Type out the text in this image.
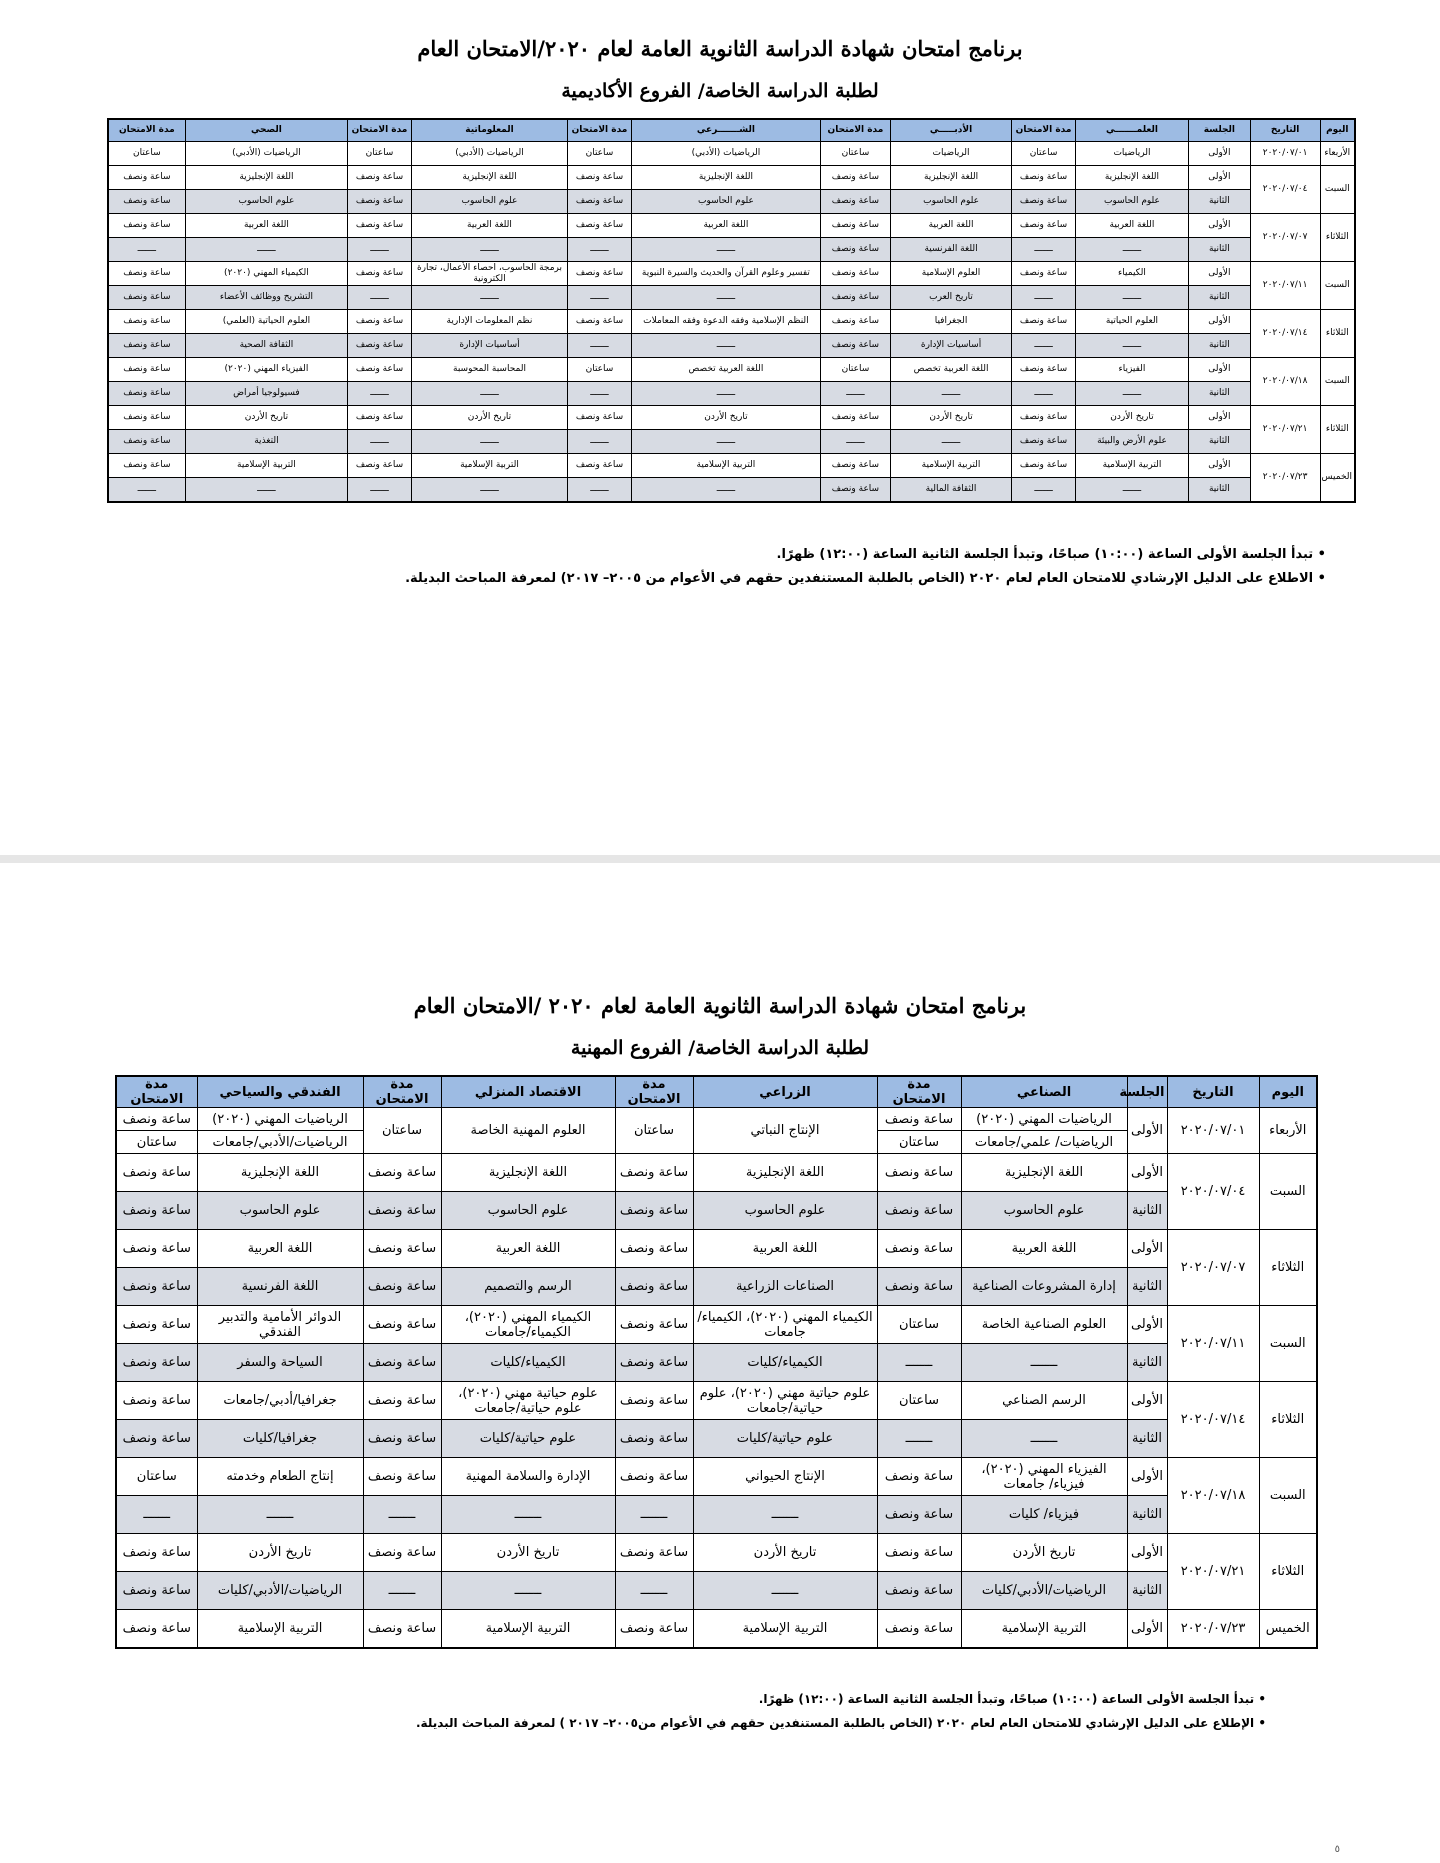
برنامج امتحان شهادة الدراسة الثانوية العامة لعام ٢٠٢٠/الامتحان العام
لطلبة الدراسة الخاصة/ الفروع الأكاديمية
اليوم	التاريخ	الجلسة	العلمـــــــي	مدة الامتحان	الأدبـــــي	مدة الامتحان	الشـــــــرعي	مدة الامتحان	المعلوماتية	مدة الامتحان	الصحي	مدة الامتحان
الأربعاء	٢٠٢٠/٠٧/٠١	الأولى	الرياضيات	ساعتان	الرياضيات	ساعتان	الرياضيات (الأدبي)	ساعتان	الرياضيات (الأدبي)	ساعتان	الرياضيات (الأدبي)	ساعتان
السبت	٢٠٢٠/٠٧/٠٤	الأولى	اللغة الإنجليزية	ساعة ونصف	اللغة الإنجليزية	ساعة ونصف	اللغة الإنجليزية	ساعة ونصف	اللغة الإنجليزية	ساعة ونصف	اللغة الإنجليزية	ساعة ونصف
		الثانية	علوم الحاسوب	ساعة ونصف	علوم الحاسوب	ساعة ونصف	علوم الحاسوب	ساعة ونصف	علوم الحاسوب	ساعة ونصف	علوم الحاسوب	ساعة ونصف
الثلاثاء	٢٠٢٠/٠٧/٠٧	الأولى	اللغة العربية	ساعة ونصف	اللغة العربية	ساعة ونصف	اللغة العربية	ساعة ونصف	اللغة العربية	ساعة ونصف	اللغة العربية	ساعة ونصف
		الثانية	ـــــــ	ـــــــ	اللغة الفرنسية	ساعة ونصف	ـــــــ	ـــــــ	ـــــــ	ـــــــ	ـــــــ	ـــــــ
السبت	٢٠٢٠/٠٧/١١	الأولى	الكيمياء	ساعة ونصف	العلوم الإسلامية	ساعة ونصف	تفسير وعلوم القرآن والحديث والسيرة النبوية	ساعة ونصف	برمجة الحاسوب، احصاء الأعمال، تجارة الكترونية	ساعة ونصف	الكيمياء المهني (٢٠٢٠)	ساعة ونصف
		الثانية	ـــــــ	ـــــــ	تاريخ العرب	ساعة ونصف	ـــــــ	ـــــــ	ـــــــ	ـــــــ	التشريح ووظائف الأعضاء	ساعة ونصف
الثلاثاء	٢٠٢٠/٠٧/١٤	الأولى	العلوم الحياتية	ساعة ونصف	الجغرافيا	ساعة ونصف	النظم الإسلامية وفقه الدعوة وفقه المعاملات	ساعة ونصف	نظم المعلومات الإدارية	ساعة ونصف	العلوم الحياتية (العلمي)	ساعة ونصف
		الثانية	ـــــــ	ـــــــ	أساسيات الإدارة	ساعة ونصف	ـــــــ	ـــــــ	أساسيات الإدارة	ساعة ونصف	الثقافة الصحية	ساعة ونصف
السبت	٢٠٢٠/٠٧/١٨	الأولى	الفيزياء	ساعة ونصف	اللغة العربية تخصص	ساعتان	اللغة العربية تخصص	ساعتان	المحاسبة المحوسبة	ساعة ونصف	الفيزياء المهني (٢٠٢٠)	ساعة ونصف
		الثانية	ـــــــ	ـــــــ	ـــــــ	ـــــــ	ـــــــ	ـــــــ	ـــــــ	ـــــــ	فسيولوجيا أمراض	ساعة ونصف
الثلاثاء	٢٠٢٠/٠٧/٢١	الأولى	تاريخ الأردن	ساعة ونصف	تاريخ الأردن	ساعة ونصف	تاريخ الأردن	ساعة ونصف	تاريخ الأردن	ساعة ونصف	تاريخ الأردن	ساعة ونصف
		الثانية	علوم الأرض والبيئة	ساعة ونصف	ـــــــ	ـــــــ	ـــــــ	ـــــــ	ـــــــ	ـــــــ	التغذية	ساعة ونصف
الخميس	٢٠٢٠/٠٧/٢٣	الأولى	التربية الإسلامية	ساعة ونصف	التربية الإسلامية	ساعة ونصف	التربية الإسلامية	ساعة ونصف	التربية الإسلامية	ساعة ونصف	التربية الإسلامية	ساعة ونصف
		الثانية	ـــــــ	ـــــــ	الثقافة المالية	ساعة ونصف	ـــــــ	ـــــــ	ـــــــ	ـــــــ	ـــــــ	ـــــــ
• تبدأ الجلسة الأولى الساعة (١٠:٠٠) صباحًا، وتبدأ الجلسة الثانية الساعة (١٢:٠٠) ظهرًا.
• الاطلاع على الدليل الإرشادي للامتحان العام لعام ٢٠٢٠ (الخاص بالطلبة المستنفدين حقهم في الأعوام من ٢٠٠٥– ٢٠١٧) لمعرفة المباحث البديلة.
برنامج امتحان شهادة الدراسة الثانوية العامة لعام ٢٠٢٠ /الامتحان العام
لطلبة الدراسة الخاصة/ الفروع المهنية
اليوم	التاريخ	الجلسة	الصناعي	مدة الامتحان	الزراعي	مدة الامتحان	الاقتصاد المنزلي	مدة الامتحان	الفندقي والسياحي	مدة الامتحان
الأربعاء	٢٠٢٠/٠٧/٠١	الأولى	الرياضيات المهني (٢٠٢٠)	ساعة ونصف	الإنتاج النباتي	ساعتان	العلوم المهنية الخاصة	ساعتان	الرياضيات المهني (٢٠٢٠)	ساعة ونصف
			الرياضيات/ علمي/جامعات	ساعتان					الرياضيات/الأدبي/جامعات	ساعتان
السبت	٢٠٢٠/٠٧/٠٤	الأولى	اللغة الإنجليزية	ساعة ونصف	اللغة الإنجليزية	ساعة ونصف	اللغة الإنجليزية	ساعة ونصف	اللغة الإنجليزية	ساعة ونصف
		الثانية	علوم الحاسوب	ساعة ونصف	علوم الحاسوب	ساعة ونصف	علوم الحاسوب	ساعة ونصف	علوم الحاسوب	ساعة ونصف
الثلاثاء	٢٠٢٠/٠٧/٠٧	الأولى	اللغة العربية	ساعة ونصف	اللغة العربية	ساعة ونصف	اللغة العربية	ساعة ونصف	اللغة العربية	ساعة ونصف
		الثانية	إدارة المشروعات الصناعية	ساعة ونصف	الصناعات الزراعية	ساعة ونصف	الرسم والتصميم	ساعة ونصف	اللغة الفرنسية	ساعة ونصف
السبت	٢٠٢٠/٠٧/١١	الأولى	العلوم الصناعية الخاصة	ساعتان	الكيمياء المهني (٢٠٢٠)، الكيمياء/جامعات	ساعة ونصف	الكيمياء المهني (٢٠٢٠)، الكيمياء/جامعات	ساعة ونصف	الدوائر الأمامية والتدبير الفندقي	ساعة ونصف
		الثانية	ـــــــ	ـــــــ	الكيمياء/كليات	ساعة ونصف	الكيمياء/كليات	ساعة ونصف	السياحة والسفر	ساعة ونصف
الثلاثاء	٢٠٢٠/٠٧/١٤	الأولى	الرسم الصناعي	ساعتان	علوم حياتية مهني (٢٠٢٠)، علوم حياتية/جامعات	ساعة ونصف	علوم حياتية مهني (٢٠٢٠)، علوم حياتية/جامعات	ساعة ونصف	جغرافيا/أدبي/جامعات	ساعة ونصف
		الثانية	ـــــــ	ـــــــ	علوم حياتية/كليات	ساعة ونصف	علوم حياتية/كليات	ساعة ونصف	جغرافيا/كليات	ساعة ونصف
السبت	٢٠٢٠/٠٧/١٨	الأولى	الفيزياء المهني (٢٠٢٠)، فيزياء/ جامعات	ساعة ونصف	الإنتاج الحيواني	ساعة ونصف	الإدارة والسلامة المهنية	ساعة ونصف	إنتاج الطعام وخدمته	ساعتان
		الثانية	فيزياء/ كليات	ساعة ونصف	ـــــــ	ـــــــ	ـــــــ	ـــــــ	ـــــــ	ـــــــ
الثلاثاء	٢٠٢٠/٠٧/٢١	الأولى	تاريخ الأردن	ساعة ونصف	تاريخ الأردن	ساعة ونصف	تاريخ الأردن	ساعة ونصف	تاريخ الأردن	ساعة ونصف
		الثانية	الرياضيات/الأدبي/كليات	ساعة ونصف	ـــــــ	ـــــــ	ـــــــ	ـــــــ	الرياضيات/الأدبي/كليات	ساعة ونصف
الخميس	٢٠٢٠/٠٧/٢٣	الأولى	التربية الإسلامية	ساعة ونصف	التربية الإسلامية	ساعة ونصف	التربية الإسلامية	ساعة ونصف	التربية الإسلامية	ساعة ونصف
• تبدأ الجلسة الأولى الساعة (١٠:٠٠) صباحًا، وتبدأ الجلسة الثانية الساعة (١٢:٠٠) ظهرًا.
• الإطلاع على الدليل الإرشادي للامتحان العام لعام ٢٠٢٠ (الخاص بالطلبة المستنفدين حقهم في الأعوام من٢٠٠٥– ٢٠١٧ ) لمعرفة المباحث البديلة.
٥
